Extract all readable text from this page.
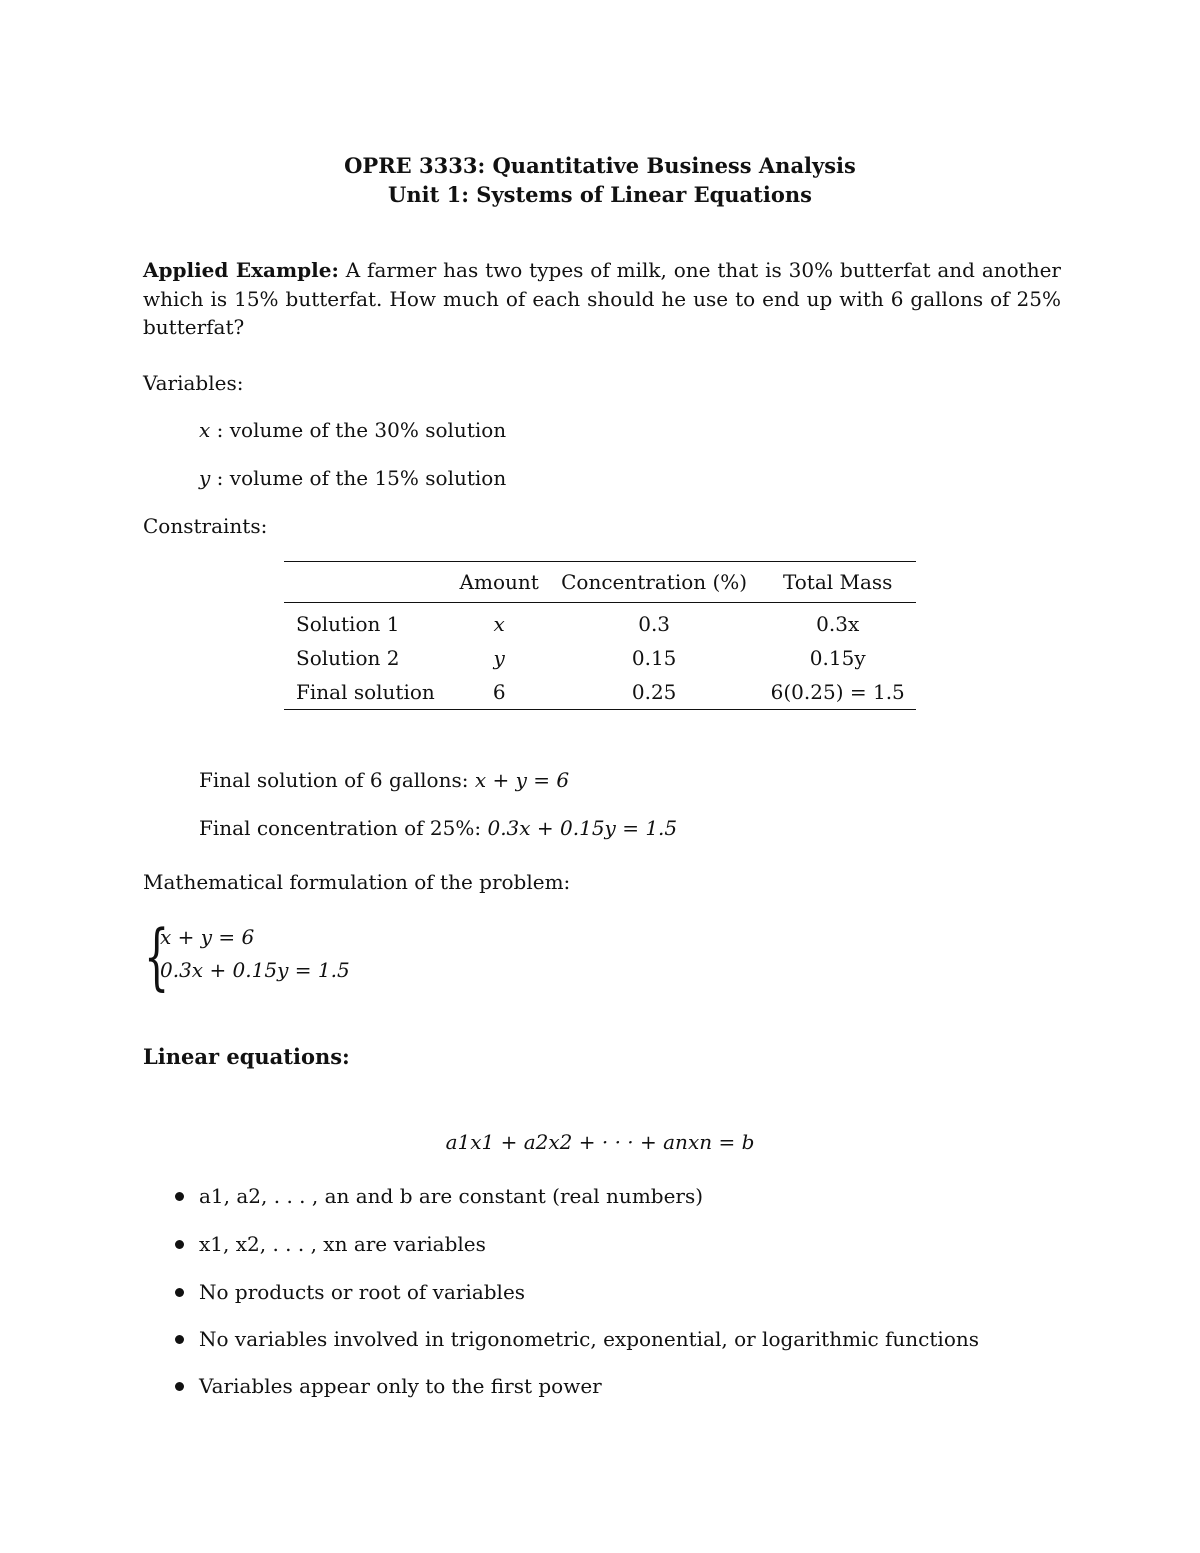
OPRE 3333: Quantitative Business Analysis
Unit 1: Systems of Linear Equations
Applied Example: A farmer has two types of milk, one that is 30% butterfat and another which is 15% butterfat. How much of each should he use to end up with 6 gallons of 25% butterfat?
Variables:
x : volume of the 30% solution
y : volume of the 15% solution
Constraints:
	Amount	Concentration (%)	Total Mass
Solution 1	x	0.3	0.3x
Solution 2	y	0.15	0.15y
Final solution	6	0.25	6(0.25) = 1.5
Final solution of 6 gallons: x + y = 6
Final concentration of 25%: 0.3x + 0.15y = 1.5
Mathematical formulation of the problem:
{
x + y = 6
0.3x + 0.15y = 1.5
Linear equations:
a1x1 + a2x2 + · · · + anxn = b
a1, a2, . . . , an and b are constant (real numbers)
x1, x2, . . . , xn are variables
No products or root of variables
No variables involved in trigonometric, exponential, or logarithmic functions
Variables appear only to the first power
